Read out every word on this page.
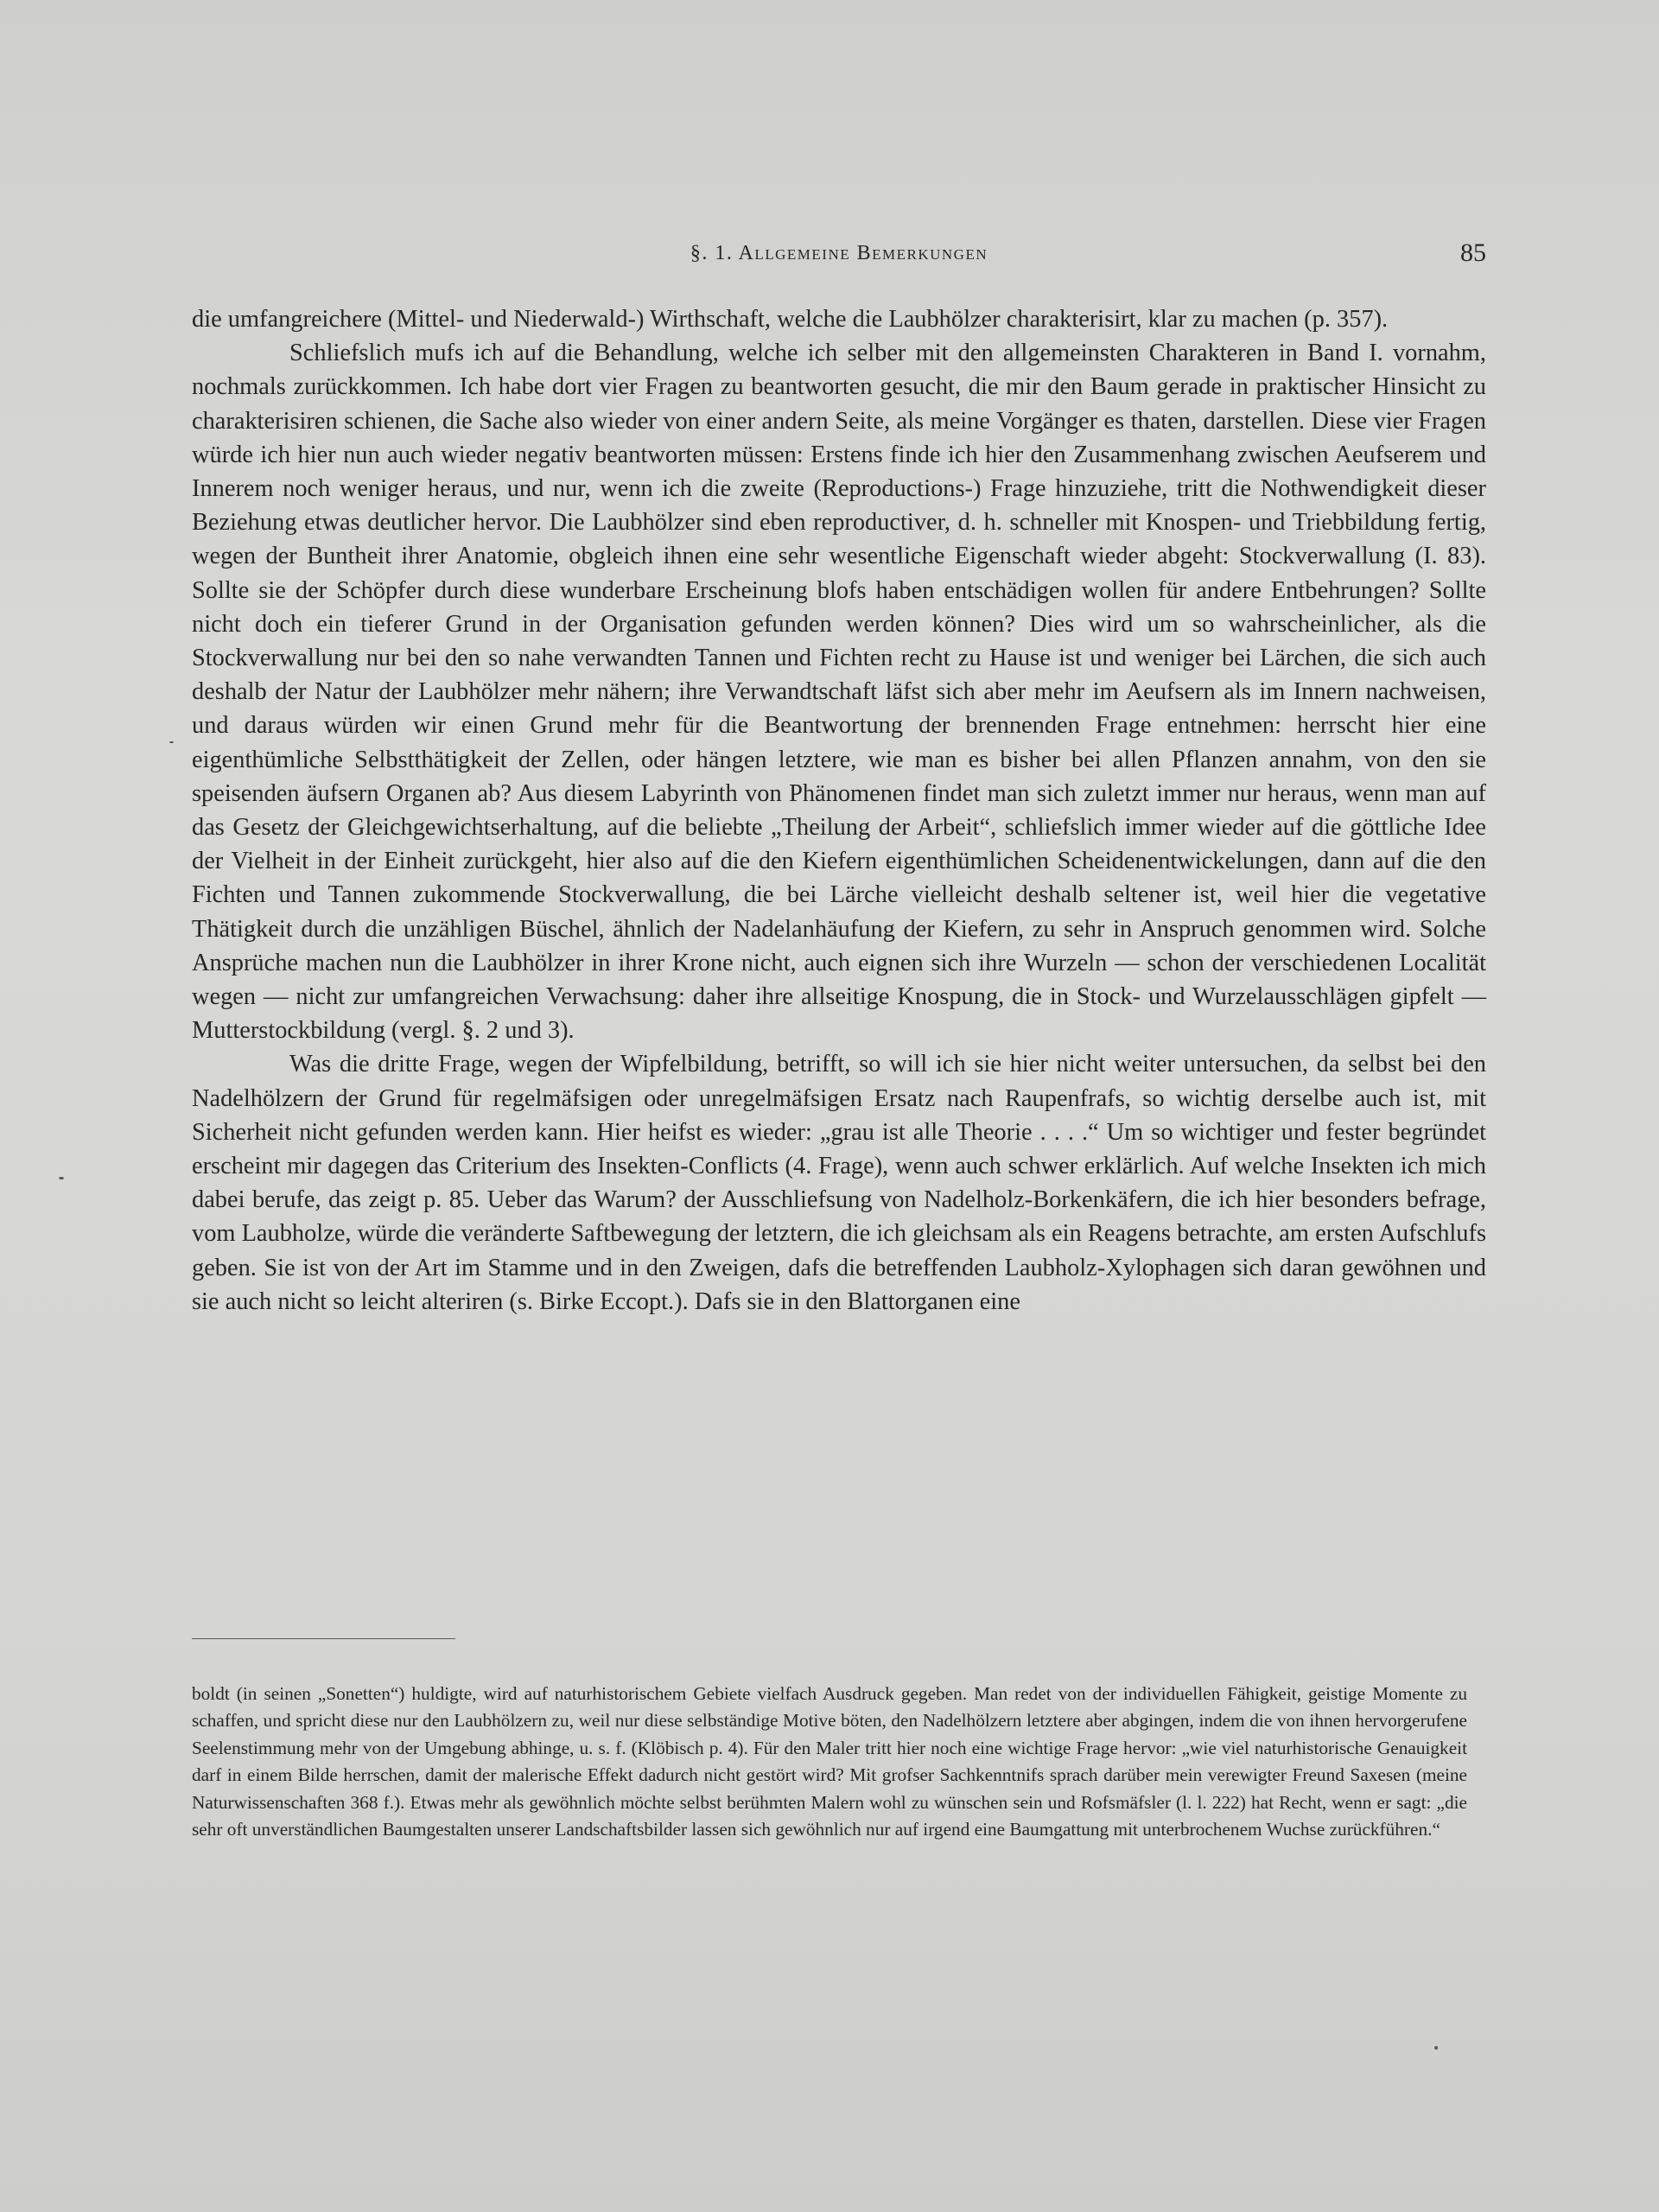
§. 1. Allgemeine Bemerkungen	85

die umfangreichere (Mittel- und Niederwald-) Wirthschaft, welche die Laubhölzer charakterisirt, klar zu machen (p. 357).

Schliefslich mufs ich auf die Behandlung, welche ich selber mit den allgemeinsten Charakteren in Band I. vornahm, nochmals zurückkommen. Ich habe dort vier Fragen zu beantworten gesucht, die mir den Baum gerade in praktischer Hinsicht zu charakterisiren schienen, die Sache also wieder von einer andern Seite, als meine Vorgänger es thaten, darstellen. Diese vier Fragen würde ich hier nun auch wieder negativ beantworten müssen: Erstens finde ich hier den Zusammenhang zwischen Aeufserem und Innerem noch weniger heraus, und nur, wenn ich die zweite (Reproductions-) Frage hinzuziehe, tritt die Nothwendigkeit dieser Beziehung etwas deutlicher hervor. Die Laubhölzer sind eben reproductiver, d. h. schneller mit Knospen- und Triebbildung fertig, wegen der Buntheit ihrer Anatomie, obgleich ihnen eine sehr wesentliche Eigenschaft wieder abgeht: Stockverwallung (I. 83). Sollte sie der Schöpfer durch diese wunderbare Erscheinung blofs haben entschädigen wollen für andere Entbehrungen? Sollte nicht doch ein tieferer Grund in der Organisation gefunden werden können? Dies wird um so wahrscheinlicher, als die Stockverwallung nur bei den so nahe verwandten Tannen und Fichten recht zu Hause ist und weniger bei Lärchen, die sich auch deshalb der Natur der Laubhölzer mehr nähern; ihre Verwandtschaft läfst sich aber mehr im Aeufsern als im Innern nachweisen, und daraus würden wir einen Grund mehr für die Beantwortung der brennenden Frage entnehmen: herrscht hier eine eigenthümliche Selbstthätigkeit der Zellen, oder hängen letztere, wie man es bisher bei allen Pflanzen annahm, von den sie speisenden äufsern Organen ab? Aus diesem Labyrinth von Phänomenen findet man sich zuletzt immer nur heraus, wenn man auf das Gesetz der Gleichgewichtserhaltung, auf die beliebte „Theilung der Arbeit“, schliefslich immer wieder auf die göttliche Idee der Vielheit in der Einheit zurückgeht, hier also auf die den Kiefern eigenthümlichen Scheidenentwickelungen, dann auf die den Fichten und Tannen zukommende Stockverwallung, die bei Lärche vielleicht deshalb seltener ist, weil hier die vegetative Thätigkeit durch die unzähligen Büschel, ähnlich der Nadelanhäufung der Kiefern, zu sehr in Anspruch genommen wird. Solche Ansprüche machen nun die Laubhölzer in ihrer Krone nicht, auch eignen sich ihre Wurzeln — schon der verschiedenen Localität wegen — nicht zur umfangreichen Verwachsung: daher ihre allseitige Knospung, die in Stock- und Wurzelausschlägen gipfelt — Mutterstockbildung (vergl. §. 2 und 3).

Was die dritte Frage, wegen der Wipfelbildung, betrifft, so will ich sie hier nicht weiter untersuchen, da selbst bei den Nadelhölzern der Grund für regelmäfsigen oder unregelmäfsigen Ersatz nach Raupenfrafs, so wichtig derselbe auch ist, mit Sicherheit nicht gefunden werden kann. Hier heifst es wieder: „grau ist alle Theorie . . . .“ Um so wichtiger und fester begründet erscheint mir dagegen das Criterium des Insekten-Conflicts (4. Frage), wenn auch schwer erklärlich. Auf welche Insekten ich mich dabei berufe, das zeigt p. 85. Ueber das Warum? der Ausschliefsung von Nadelholz-Borkenkäfern, die ich hier besonders befrage, vom Laubholze, würde die veränderte Saftbewegung der letztern, die ich gleichsam als ein Reagens betrachte, am ersten Aufschlufs geben. Sie ist von der Art im Stamme und in den Zweigen, dafs die betreffenden Laubholz-Xylophagen sich daran gewöhnen und sie auch nicht so leicht alteriren (s. Birke Eccopt.). Dafs sie in den Blattorganen eine

boldt (in seinen „Sonetten“) huldigte, wird auf naturhistorischem Gebiete vielfach Ausdruck gegeben. Man redet von der individuellen Fähigkeit, geistige Momente zu schaffen, und spricht diese nur den Laubhölzern zu, weil nur diese selbständige Motive böten, den Nadelhölzern letztere aber abgingen, indem die von ihnen hervorgerufene Seelenstimmung mehr von der Umgebung abhinge, u. s. f. (Klöbisch p. 4). Für den Maler tritt hier noch eine wichtige Frage hervor: „wie viel naturhistorische Genauigkeit darf in einem Bilde herrschen, damit der malerische Effekt dadurch nicht gestört wird? Mit grofser Sachkenntnifs sprach darüber mein verewigter Freund Saxesen (meine Naturwissenschaften 368 f.). Etwas mehr als gewöhnlich möchte selbst berühmten Malern wohl zu wünschen sein und Rofsmäfsler (l. l. 222) hat Recht, wenn er sagt: „die sehr oft unverständlichen Baumgestalten unserer Landschaftsbilder lassen sich gewöhnlich nur auf irgend eine Baumgattung mit unterbrochenem Wuchse zurückführen.“
